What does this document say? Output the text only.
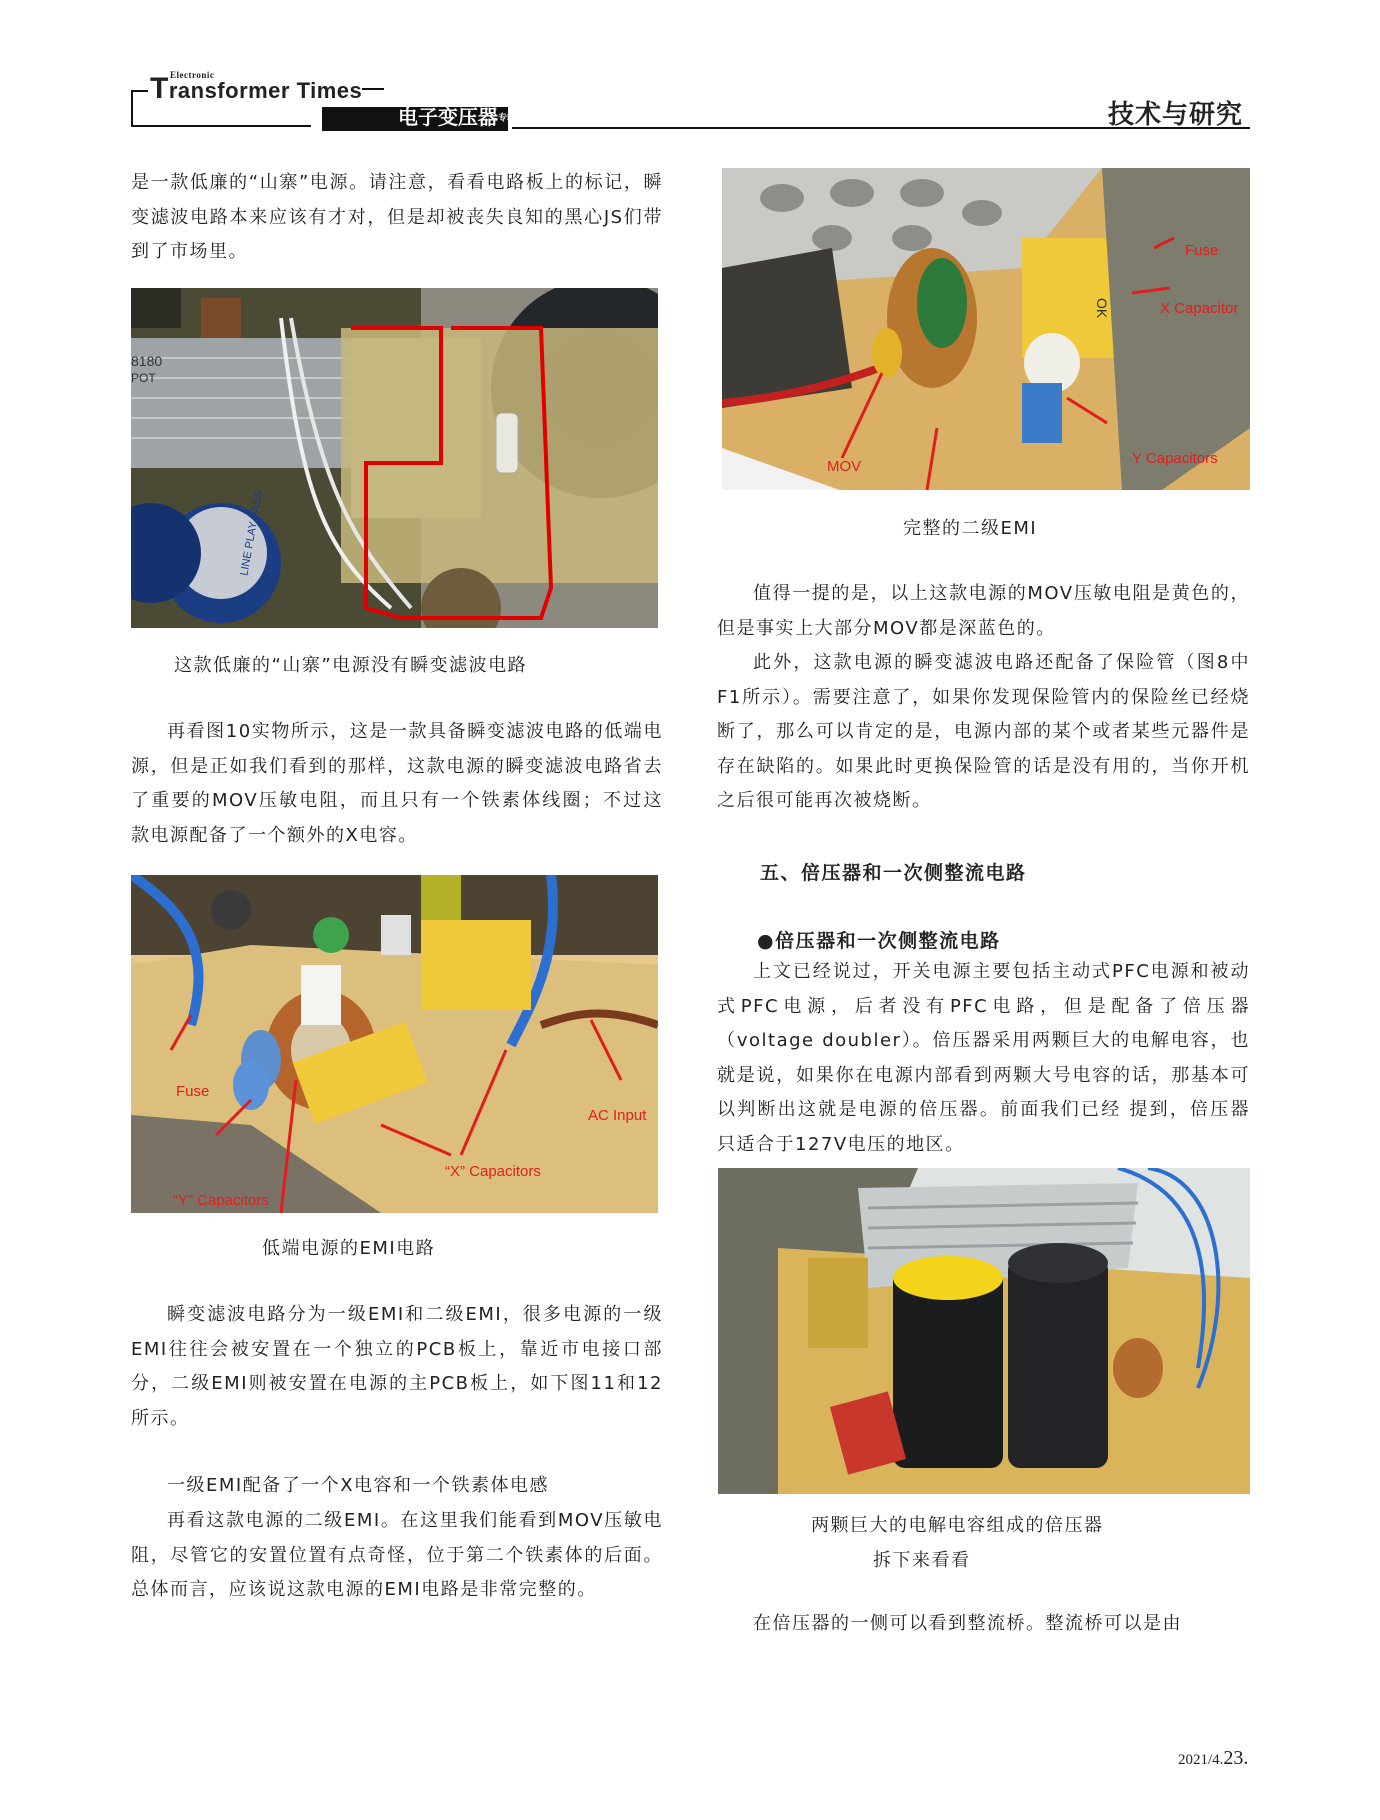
Electronic
Transformer Times
电子变压器专辑	技术与研究
是一款低廉的“山寨”电源。请注意，看看电路板上的标记，瞬变滤波电路本来应该有才对，但是却被丧失良知的黑心JS们带到了市场里。
8180
POT
LINE PLAY PASS
这款低廉的“山寨”电源没有瞬变滤波电路
再看图10实物所示，这是一款具备瞬变滤波电路的低端电源，但是正如我们看到的那样，这款电源的瞬变滤波电路省去了重要的MOV压敏电阻，而且只有一个铁素体线圈；不过这款电源配备了一个额外的X电容。
Fuse
AC Input
“X” Capacitors
“Y” Capacitors
低端电源的EMI电路
瞬变滤波电路分为一级EMI和二级EMI，很多电源的一级EMI往往会被安置在一个独立的PCB板上，靠近市电接口部分，二级EMI则被安置在电源的主PCB板上，如下图11和12所示。
一级EMI配备了一个X电容和一个铁素体电感
再看这款电源的二级EMI。在这里我们能看到MOV压敏电阻，尽管它的安置位置有点奇怪，位于第二个铁素体的后面。总体而言，应该说这款电源的EMI电路是非常完整的。
OK
Fuse
X Capacitor
Y Capacitors
MOV
完整的二级EMI
值得一提的是，以上这款电源的MOV压敏电阻是黄色的，但是事实上大部分MOV都是深蓝色的。
此外，这款电源的瞬变滤波电路还配备了保险管（图8中F1所示）。需要注意了，如果你发现保险管内的保险丝已经烧断了，那么可以肯定的是，电源内部的某个或者某些元器件是存在缺陷的。如果此时更换保险管的话是没有用的，当你开机之后很可能再次被烧断。
五、倍压器和一次侧整流电路
●倍压器和一次侧整流电路
上文已经说过，开关电源主要包括主动式PFC电源和被动式PFC电源，后者没有PFC电路，但是配备了倍压器（voltage doubler）。倍压器采用两颗巨大的电解电容，也就是说，如果你在电源内部看到两颗大号电容的话，那基本可以判断出这就是电源的倍压器。前面我们已经 提到，倍压器只适合于127V电压的地区。
两颗巨大的电解电容组成的倍压器
拆下来看看
在倍压器的一侧可以看到整流桥。整流桥可以是由
2021/4.23.
